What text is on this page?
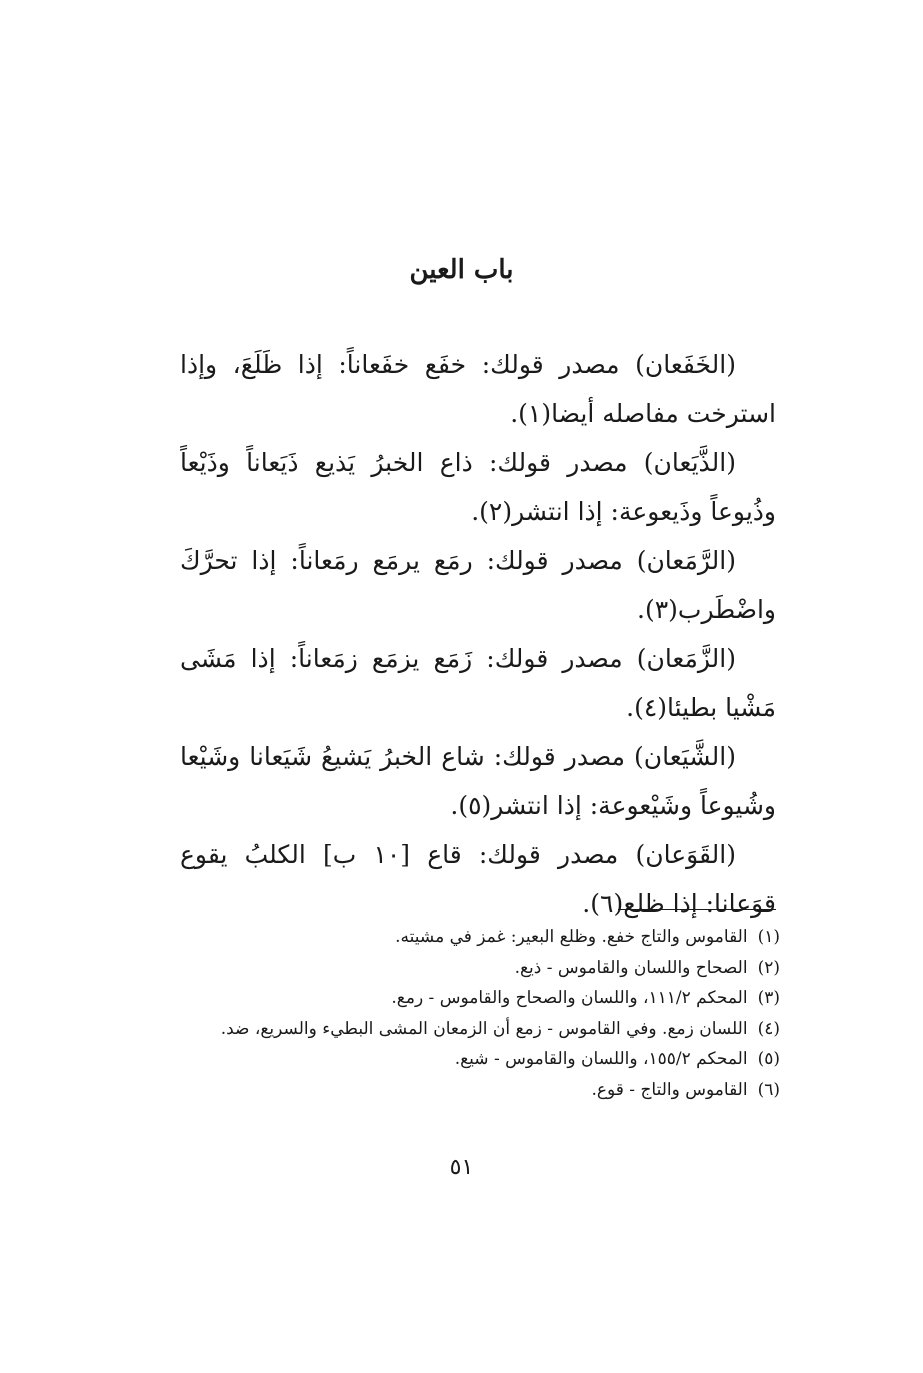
باب العين

(الخَفَعان) مصدر قولك: خفَع خفَعاناً: إذا ظَلَعَ، وإذا استرخت مفاصله أيضا(١).

(الذَّيَعان) مصدر قولك: ذاع الخبرُ يَذيع ذَيَعاناً وذَيْعاً وذُيوعاً وذَيعوعة: إذا انتشر(٢).

(الرَّمَعان) مصدر قولك: رمَع يرمَع رمَعاناً: إذا تحرَّكَ واضْطَرب(٣).

(الزَّمَعان) مصدر قولك: زَمَع يزمَع زمَعاناً: إذا مَشَى مَشْيا بطيئا(٤).

(الشَّيَعان) مصدر قولك: شاع الخبرُ يَشيعُ شَيَعانا وشَيْعا وشُيوعاً وشَيْعوعة: إذا انتشر(٥).

(القَوَعان) مصدر قولك: قاع [١٠ ب] الكلبُ يقوع قوَعانا: إذا ظلع(٦).

(١)القاموس والتاج خفع. وظلع البعير: غمز في مشيته.
(٢)الصحاح واللسان والقاموس - ذيع.
(٣)المحكم ١١١/٢، واللسان والصحاح والقاموس - رمع.
(٤)اللسان زمع. وفي القاموس - زمع أن الزمعان المشى البطيء والسريع، ضد.
(٥)المحكم ١٥٥/٢، واللسان والقاموس - شيع.
(٦)القاموس والتاج - قوع.
٥١
